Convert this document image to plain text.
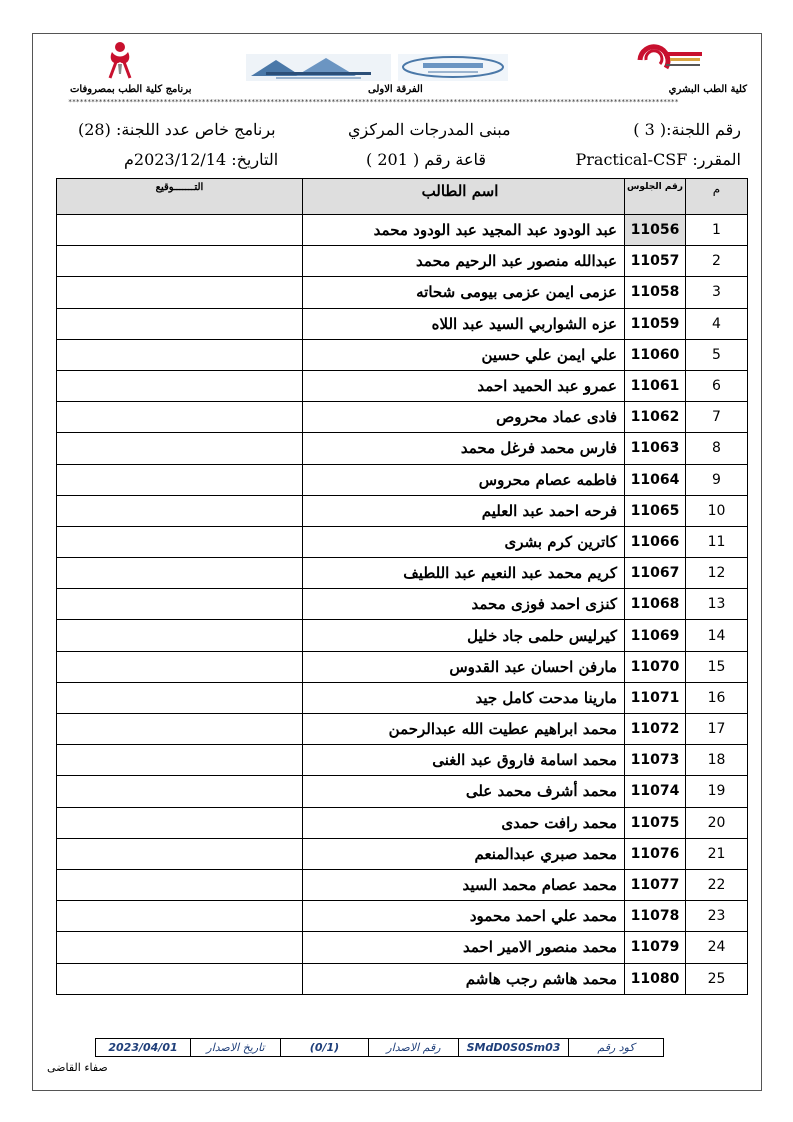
كلية الطب البشري
الفرقة الاولى
برنامج كلية الطب بمصروفات
****************************************************************************************************************************************************************
رقم اللجنة:( 3 )
مبنى المدرجات المركزي
برنامج خاص عدد اللجنة: (28)
المقرر: Practical-CSF
قاعة رقم ( 201 )
التاريخ: 2023/12/14م
التـــــــوقيع	اسم الطالب	رقم الجلوس	م
	عبد الودود عبد المجيد عبد الودود محمد	11056	1
	عبدالله منصور عبد الرحيم محمد	11057	2
	عزمى ايمن عزمى بيومى شحاته	11058	3
	عزه الشواربي السيد عبد اللاه	11059	4
	علي ايمن علي حسين	11060	5
	عمرو عبد الحميد احمد	11061	6
	فادى عماد محروص	11062	7
	فارس محمد فرغل محمد	11063	8
	فاطمه عصام محروس	11064	9
	فرحه احمد عبد العليم	11065	10
	كاترين كرم بشرى	11066	11
	كريم محمد عبد النعيم عبد اللطيف	11067	12
	كنزى احمد فوزى محمد	11068	13
	كيرليس حلمى جاد خليل	11069	14
	مارفن احسان عبد القدوس	11070	15
	مارينا مدحت كامل جيد	11071	16
	محمد ابراهيم عطيت الله عبدالرحمن	11072	17
	محمد اسامة فاروق عبد الغنى	11073	18
	محمد أشرف محمد على	11074	19
	محمد رافت حمدى	11075	20
	محمد صبري عبدالمنعم	11076	21
	محمد عصام محمد السيد	11077	22
	محمد علي احمد محمود	11078	23
	محمد منصور الامير احمد	11079	24
	محمد هاشم رجب هاشم	11080	25
2023/04/01	تاريخ الاصدار	(0/1)	رقم الاصدار	SMdD0S0Sm03	كود رقم
صفاء القاضى
